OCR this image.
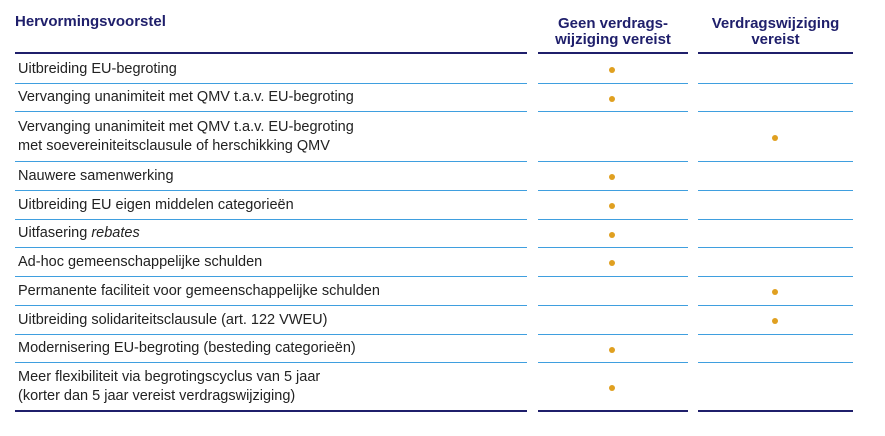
Hervormingsvoorstel	Geen verdrags-
wijziging vereist
Verdragswijziging
vereist
Uitbreiding EU-begroting
Vervanging unanimiteit met QMV t.a.v. EU-begroting
Vervanging unanimiteit met QMV t.a.v. EU-begroting
met soevereiniteitsclausule of herschikking QMV
Nauwere samenwerking
Uitbreiding EU eigen middelen categorieën
Uitfasering rebates
Ad-hoc gemeenschappelijke schulden
Permanente faciliteit voor gemeenschappelijke schulden
Uitbreiding solidariteitsclausule (art. 122 VWEU)
Modernisering EU-begroting (besteding categorieën)
Meer flexibiliteit via begrotingscyclus van 5 jaar
(korter dan 5 jaar vereist verdragswijziging)
